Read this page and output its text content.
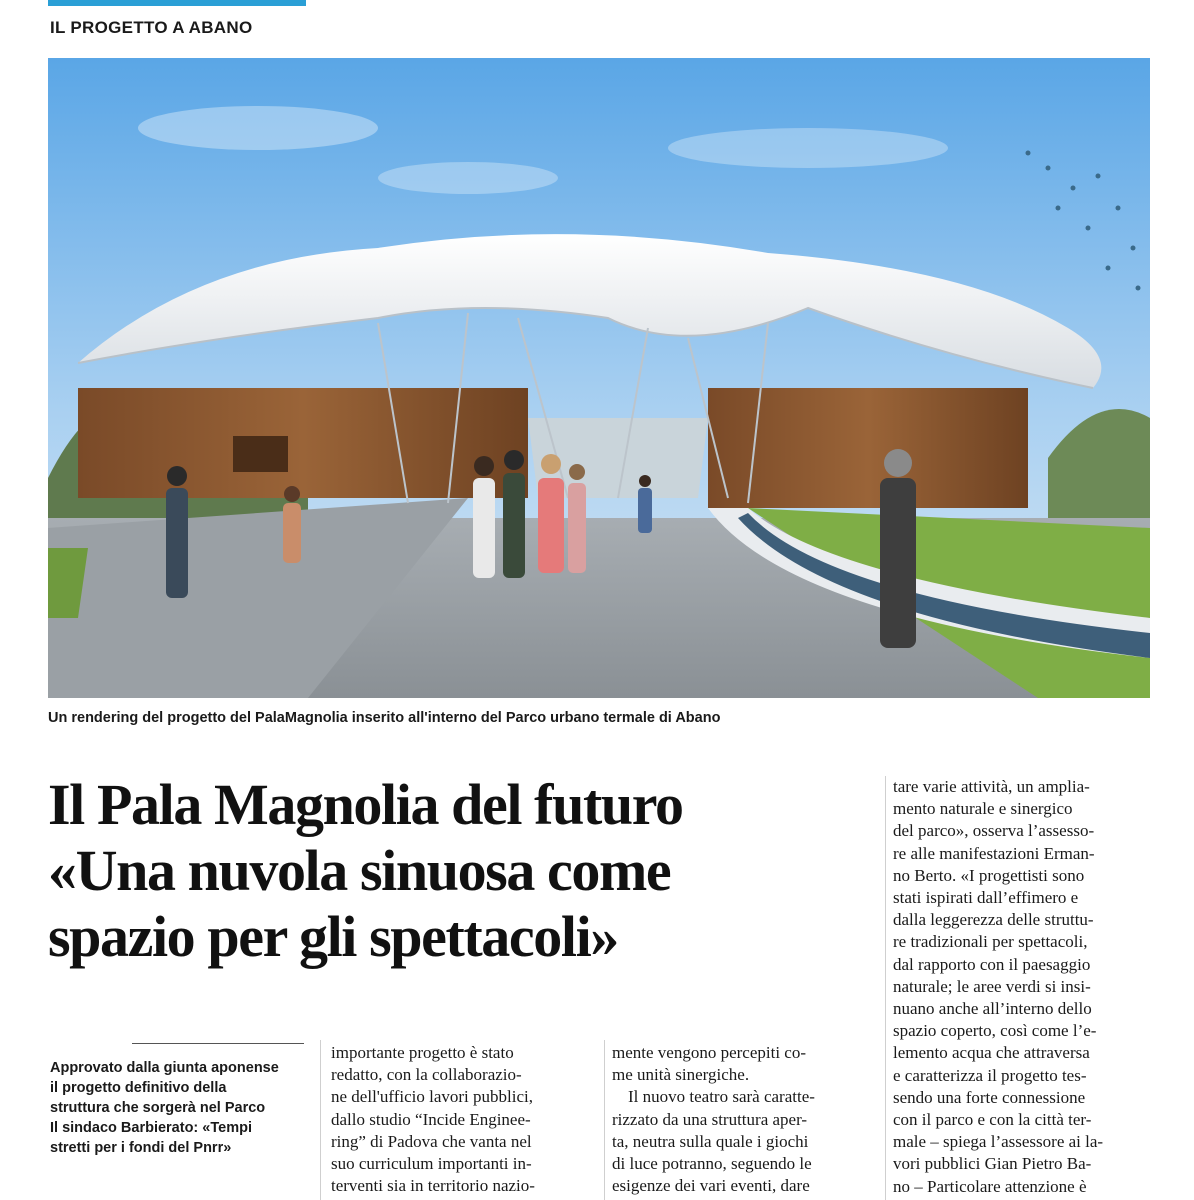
IL PROGETTO A ABANO
Un rendering del progetto del PalaMagnolia inserito all'interno del Parco urbano termale di Abano
Il Pala Magnolia del futuro
«Una nuvola sinuosa come
spazio per gli spettacoli»
Approvato dalla giunta aponense
il progetto definitivo della
struttura che sorgerà nel Parco
Il sindaco Barbierato: «Tempi
stretti per i fondi del Pnrr»
importante progetto è stato
redatto, con la collaborazio-
ne dell'ufficio lavori pubblici,
dallo studio “Incide Enginee-
ring” di Padova che vanta nel
suo curriculum importanti in-
terventi sia in territorio nazio-
mente vengono percepiti co-
me unità sinergiche.
Il nuovo teatro sarà caratte-
rizzato da una struttura aper-
ta, neutra sulla quale i giochi
di luce potranno, seguendo le
esigenze dei vari eventi, dare
tare varie attività, un amplia-
mento naturale e sinergico
del parco», osserva l’assesso-
re alle manifestazioni Erman-
no Berto. «I progettisti sono
stati ispirati dall’effimero e
dalla leggerezza delle struttu-
re tradizionali per spettacoli,
dal rapporto con il paesaggio
naturale; le aree verdi si insi-
nuano anche all’interno dello
spazio coperto, così come l’e-
lemento acqua che attraversa
e caratterizza il progetto tes-
sendo una forte connessione
con il parco e con la città ter-
male – spiega l’assessore ai la-
vori pubblici Gian Pietro Ba-
no – Particolare attenzione è
